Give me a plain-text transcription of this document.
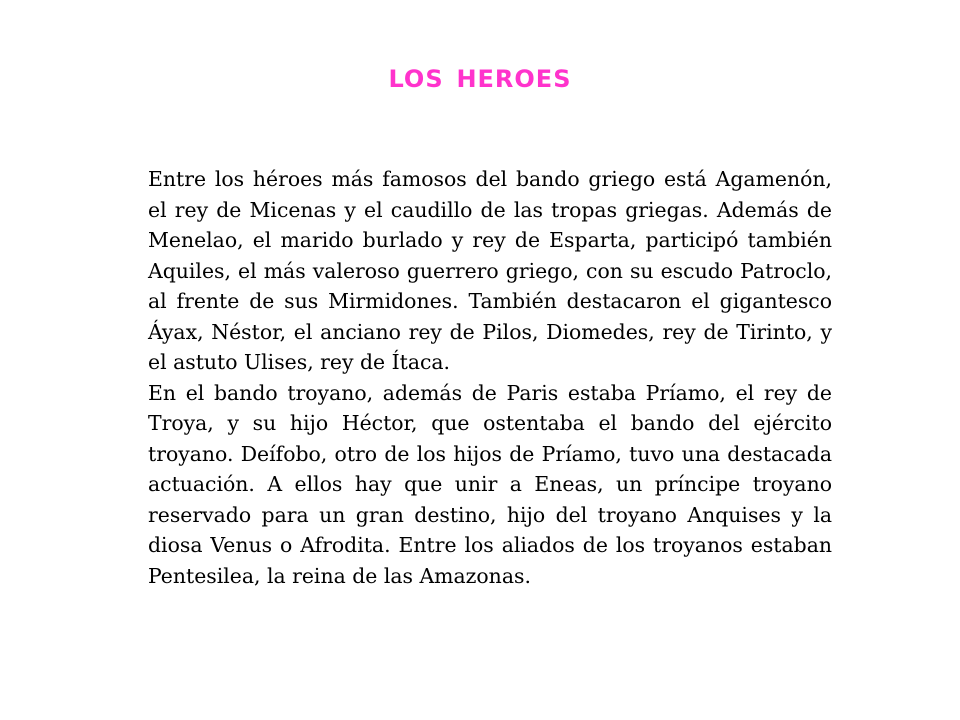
los heroes

Entre los héroes más famosos del bando griego está Agamenón, el rey de Micenas y el caudillo de las tropas griegas. Además de Menelao, el marido burlado y rey de Esparta, participó también Aquiles, el más valeroso guerrero griego, con su escudo Patroclo, al frente de sus Mirmidones. También destacaron el gigantesco Áyax, Néstor, el anciano rey de Pilos, Diomedes, rey de Tirinto, y el astuto Ulises, rey de Ítaca.

En el bando troyano, además de Paris estaba Príamo, el rey de Troya, y su hijo Héctor, que ostentaba el bando del ejército troyano. Deífobo, otro de los hijos de Príamo, tuvo una destacada actuación. A ellos hay que unir a Eneas, un príncipe troyano reservado para un gran destino, hijo del troyano Anquises y la diosa Venus o Afrodita. Entre los aliados de los troyanos estaban Pentesilea, la reina de las Amazonas.
